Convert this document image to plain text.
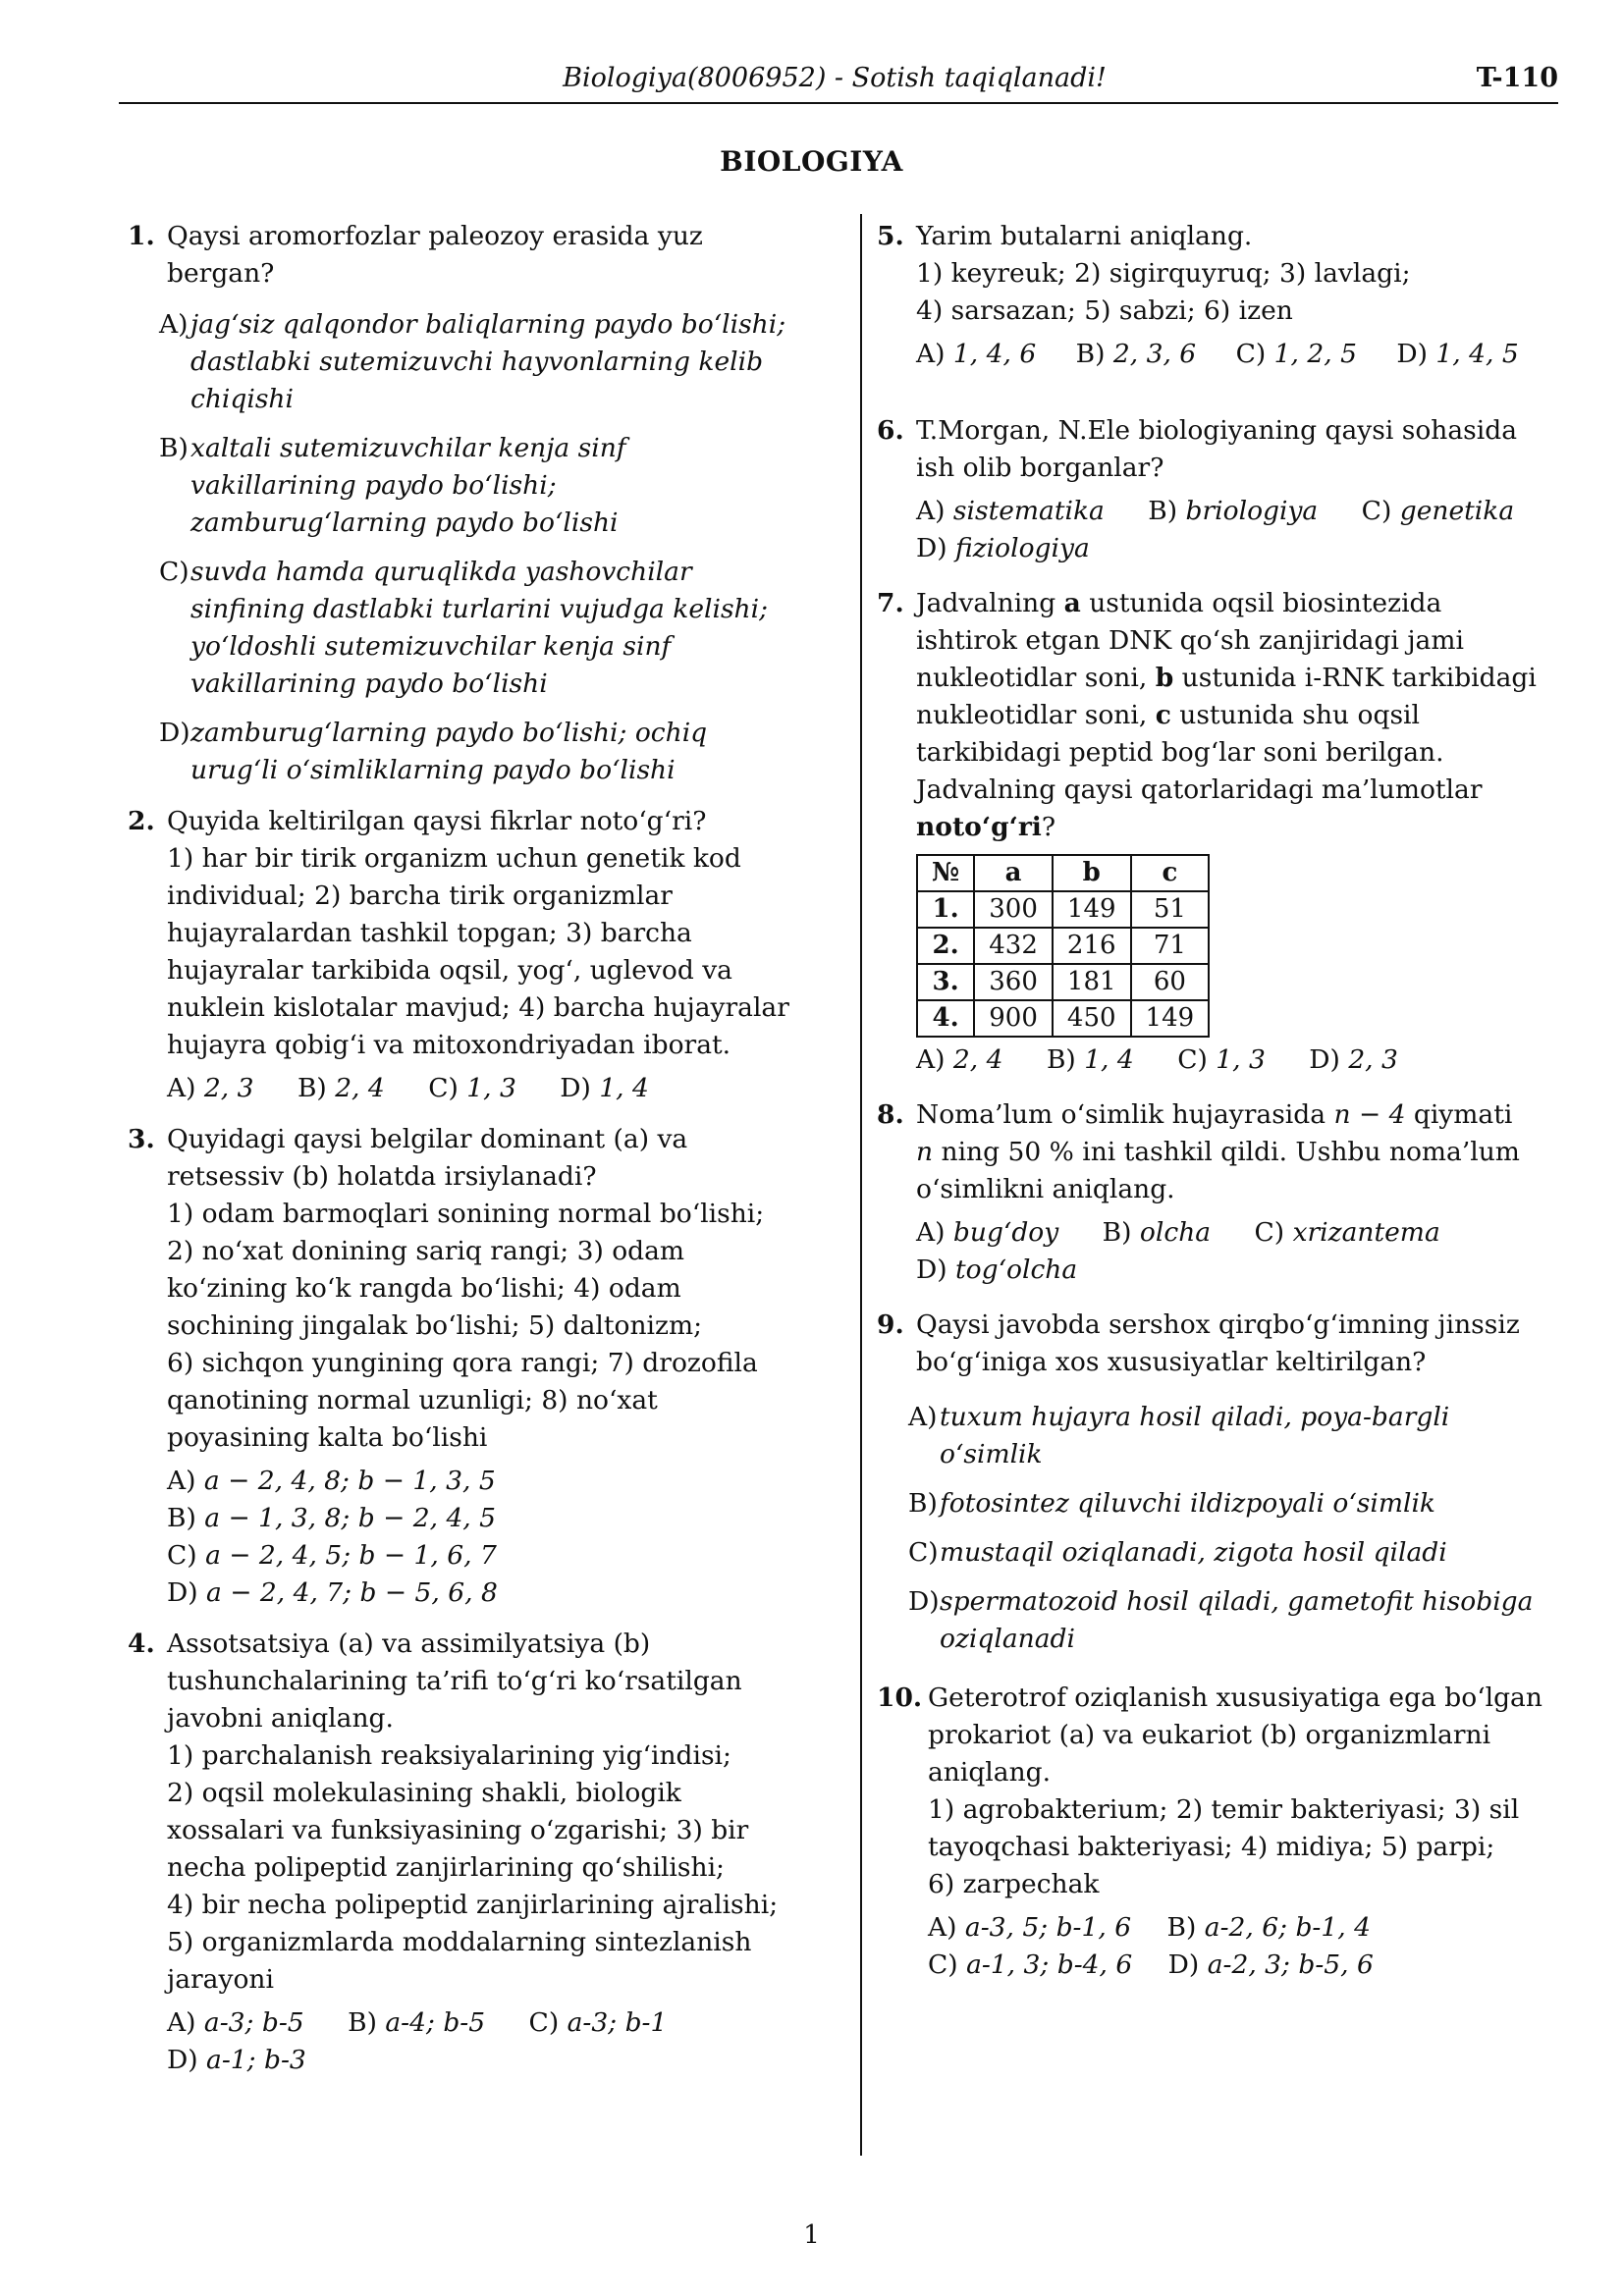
Biologiya(8006952) - Sotish taqiqlanadi!	T-110
BIOLOGIYA
1. Qaysi aromorfozlar paleozoy erasida yuz
bergan?
A) jag‘siz qalqondor baliqlarning paydo bo‘lishi;
dastlabki sutemizuvchi hayvonlarning kelib
chiqishi
B) xaltali sutemizuvchilar kenja sinf
vakillarining paydo bo‘lishi;
zamburug‘larning paydo bo‘lishi
C) suvda hamda quruqlikda yashovchilar
sinfining dastlabki turlarini vujudga kelishi;
yo‘ldoshli sutemizuvchilar kenja sinf
vakillarining paydo bo‘lishi
D) zamburug‘larning paydo bo‘lishi; ochiq
urug‘li o‘simliklarning paydo bo‘lishi
2. Quyida keltirilgan qaysi fikrlar noto‘g‘ri?
1) har bir tirik organizm uchun genetik kod
individual; 2) barcha tirik organizmlar
hujayralardan tashkil topgan; 3) barcha
hujayralar tarkibida oqsil, yog‘, uglevod va
nuklein kislotalar mavjud; 4) barcha hujayralar
hujayra qobig‘i va mitoxondriyadan iborat.
A) 2, 3 B) 2, 4 C) 1, 3 D) 1, 4
3. Quyidagi qaysi belgilar dominant (a) va
retsessiv (b) holatda irsiylanadi?
1) odam barmoqlari sonining normal bo‘lishi;
2) no‘xat donining sariq rangi; 3) odam
ko‘zining ko‘k rangda bo‘lishi; 4) odam
sochining jingalak bo‘lishi; 5) daltonizm;
6) sichqon yungining qora rangi; 7) drozofila
qanotining normal uzunligi; 8) no‘xat
poyasining kalta bo‘lishi
A) a − 2, 4, 8; b − 1, 3, 5
B) a − 1, 3, 8; b − 2, 4, 5
C) a − 2, 4, 5; b − 1, 6, 7
D) a − 2, 4, 7; b − 5, 6, 8
4. Assotsatsiya (a) va assimilyatsiya (b)
tushunchalarining ta’rifi to‘g‘ri ko‘rsatilgan
javobni aniqlang.
1) parchalanish reaksiyalarining yig‘indisi;
2) oqsil molekulasining shakli, biologik
xossalari va funksiyasining o‘zgarishi; 3) bir
necha polipeptid zanjirlarining qo‘shilishi;
4) bir necha polipeptid zanjirlarining ajralishi;
5) organizmlarda moddalarning sintezlanish
jarayoni
A) a-3; b-5 B) a-4; b-5 C) a-3; b-1
D) a-1; b-3
5. Yarim butalarni aniqlang.
1) keyreuk; 2) sigirquyruq; 3) lavlagi;
4) sarsazan; 5) sabzi; 6) izen
A) 1, 4, 6 B) 2, 3, 6 C) 1, 2, 5 D) 1, 4, 5
6. T.Morgan, N.Ele biologiyaning qaysi sohasida
ish olib borganlar?
A) sistematika B) briologiya C) genetika
D) fiziologiya
7. Jadvalning a ustunida oqsil biosintezida
ishtirok etgan DNK qo‘sh zanjiridagi jami
nukleotidlar soni, b ustunida i-RNK tarkibidagi
nukleotidlar soni, c ustunida shu oqsil
tarkibidagi peptid bog‘lar soni berilgan.
Jadvalning qaysi qatorlaridagi ma’lumotlar
noto‘g‘ri?
№	a	b	c
1.	300	149	51
2.	432	216	71
3.	360	181	60
4.	900	450	149
A) 2, 4 B) 1, 4 C) 1, 3 D) 2, 3
8. Noma’lum o‘simlik hujayrasida n − 4 qiymati
n ning 50 % ini tashkil qildi. Ushbu noma’lum
o‘simlikni aniqlang.
A) bug‘doy B) olcha C) xrizantema
D) tog‘olcha
9. Qaysi javobda sershox qirqbo‘g‘imning jinssiz
bo‘g‘iniga xos xususiyatlar keltirilgan?
A) tuxum hujayra hosil qiladi, poya-bargli
o‘simlik
B) fotosintez qiluvchi ildizpoyali o‘simlik
C) mustaqil oziqlanadi, zigota hosil qiladi
D) spermatozoid hosil qiladi, gametofit hisobiga
oziqlanadi
10. Geterotrof oziqlanish xususiyatiga ega bo‘lgan
prokariot (a) va eukariot (b) organizmlarni
aniqlang.
1) agrobakterium; 2) temir bakteriyasi; 3) sil
tayoqchasi bakteriyasi; 4) midiya; 5) parpi;
6) zarpechak
A) a-3, 5; b-1, 6 B) a-2, 6; b-1, 4
C) a-1, 3; b-4, 6 D) a-2, 3; b-5, 6
1
